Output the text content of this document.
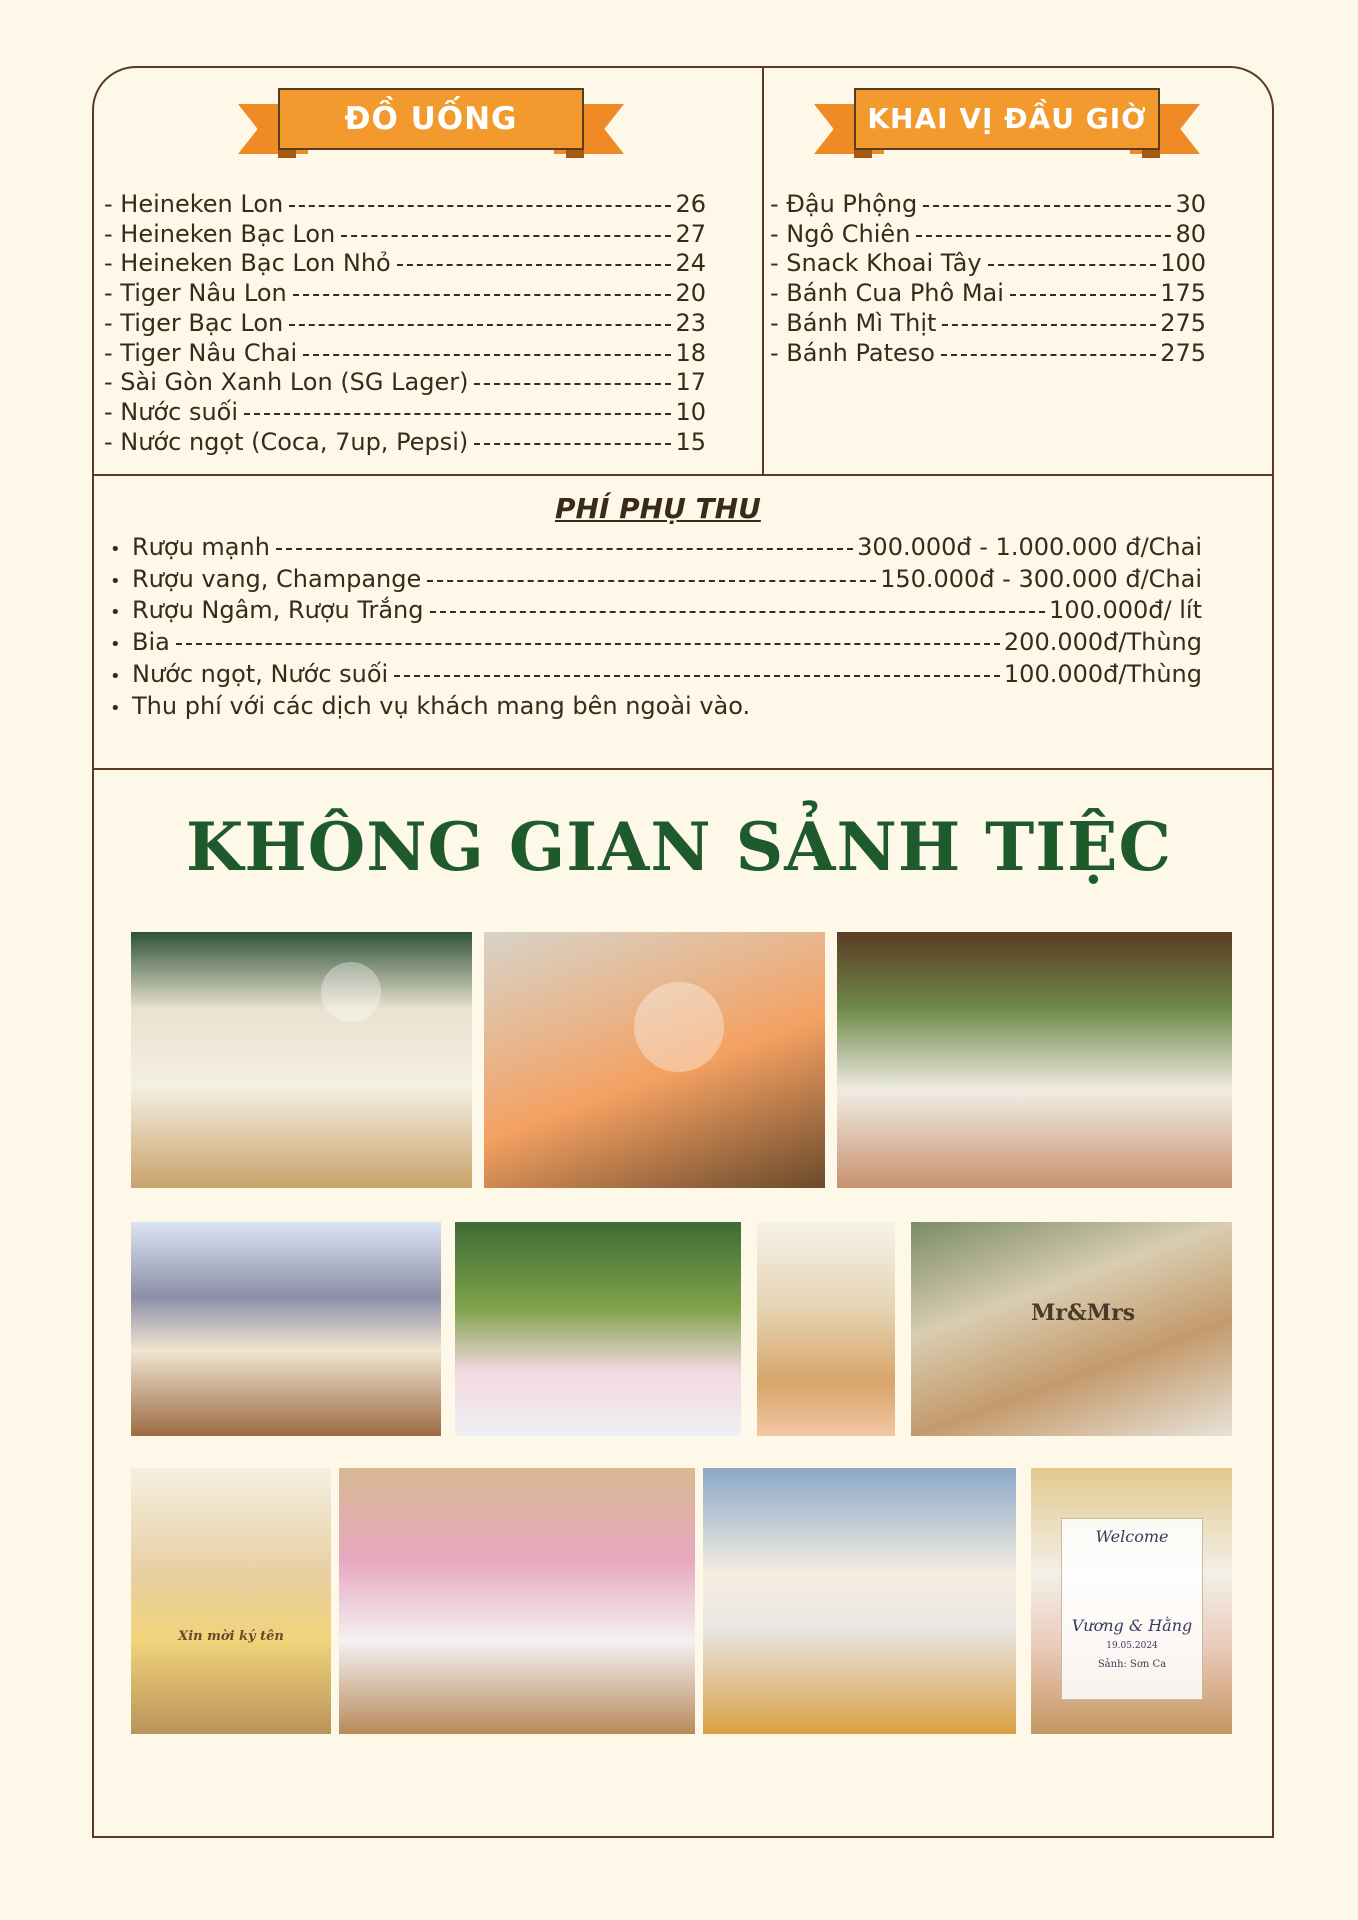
ĐỒ UỐNG	KHAI VỊ ĐẦU GIỜ
- Heineken Lon	26
- Heineken Bạc Lon	27
- Heineken Bạc Lon Nhỏ	24
- Tiger Nâu Lon	20
- Tiger Bạc Lon	23
- Tiger Nâu Chai	18
- Sài Gòn Xanh Lon (SG Lager)	17
- Nước suối	10
- Nước ngọt (Coca, 7up, Pepsi)	15
- Đậu Phộng	30
- Ngô Chiên	80
- Snack Khoai Tây	100
- Bánh Cua Phô Mai	175
- Bánh Mì Thịt	275
- Bánh Pateso	275
PHÍ PHỤ THU
• Rượu mạnh	300.000đ - 1.000.000 đ/Chai
• Rượu vang, Champange	150.000đ - 300.000 đ/Chai
• Rượu Ngâm, Rượu Trắng	100.000đ/ lít
• Bia	200.000đ/Thùng
• Nước ngọt, Nước suối	100.000đ/Thùng
• Thu phí với các dịch vụ khách mang bên ngoài vào.
KHÔNG GIAN SẢNH TIỆC
Mr&Mrs
Xin mời ký tên
Welcome
Vương & Hằng
19.05.2024
Sảnh: Sơn Ca
